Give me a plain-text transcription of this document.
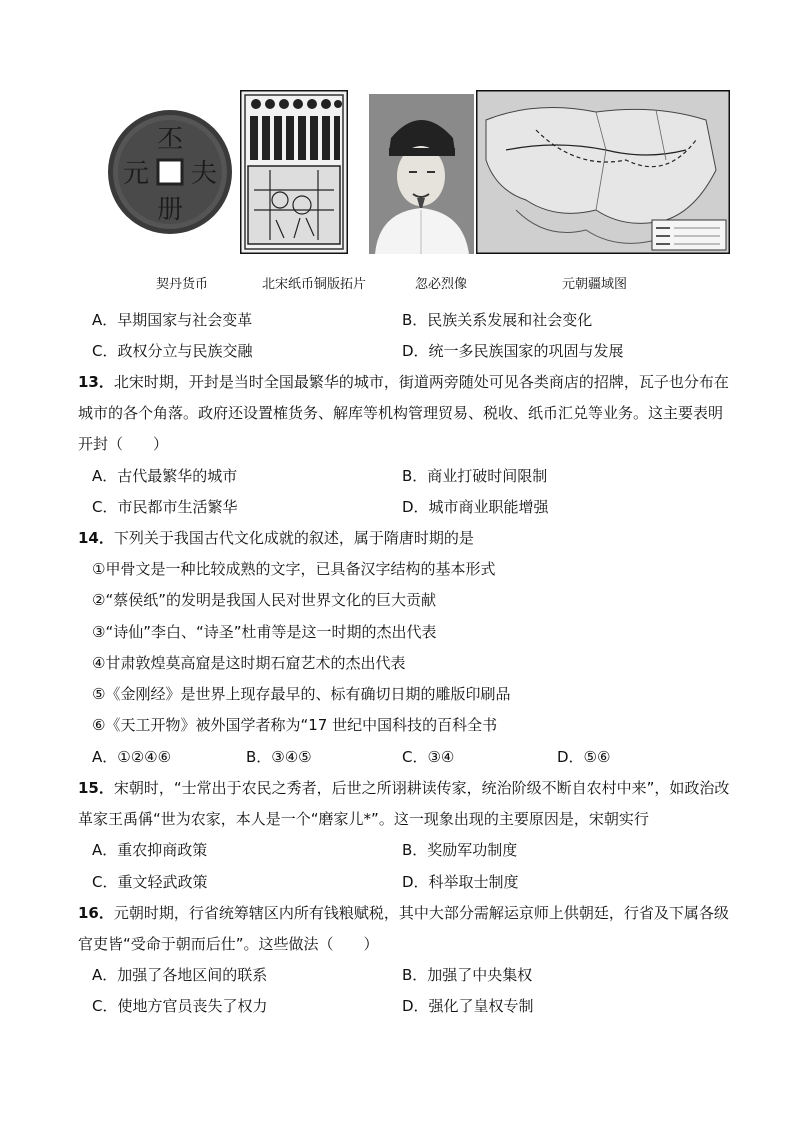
丕
夫
元
册
契丹货币	北宋纸币铜版拓片	忽必烈像	元朝疆域图
A．早期国家与社会变革	B．民族关系发展和社会变化
C．政权分立与民族交融	D．统一多民族国家的巩固与发展
13．北宋时期，开封是当时全国最繁华的城市，街道两旁随处可见各类商店的招牌，瓦子也分布在
城市的各个角落。政府还设置榷货务、解库等机构管理贸易、税收、纸币汇兑等业务。这主要表明
开封（　　）
A．古代最繁华的城市	B．商业打破时间限制
C．市民都市生活繁华	D．城市商业职能增强
14．下列关于我国古代文化成就的叙述，属于隋唐时期的是
①甲骨文是一种比较成熟的文字，已具备汉字结构的基本形式
②“蔡侯纸”的发明是我国人民对世界文化的巨大贡献
③“诗仙”李白、“诗圣”杜甫等是这一时期的杰出代表
④甘肃敦煌莫高窟是这时期石窟艺术的杰出代表
⑤《金刚经》是世界上现存最早的、标有确切日期的雕版印刷品
⑥《天工开物》被外国学者称为“17 世纪中国科技的百科全书
A．①②④⑥	B．③④⑤	C．③④	D．⑤⑥
15．宋朝时，“士常出于农民之秀者，后世之所诩耕读传家，统治阶级不断自农村中来”，如政治改
革家王禹偁“世为农家，本人是一个“磨家儿*”。这一现象出现的主要原因是，宋朝实行
A．重农抑商政策	B．奖励军功制度
C．重文轻武政策	D．科举取士制度
16．元朝时期，行省统筹辖区内所有钱粮赋税，其中大部分需解运京师上供朝廷，行省及下属各级
官吏皆“受命于朝而后仕”。这些做法（　　）
A．加强了各地区间的联系	B．加强了中央集权
C．使地方官员丧失了权力	D．强化了皇权专制
